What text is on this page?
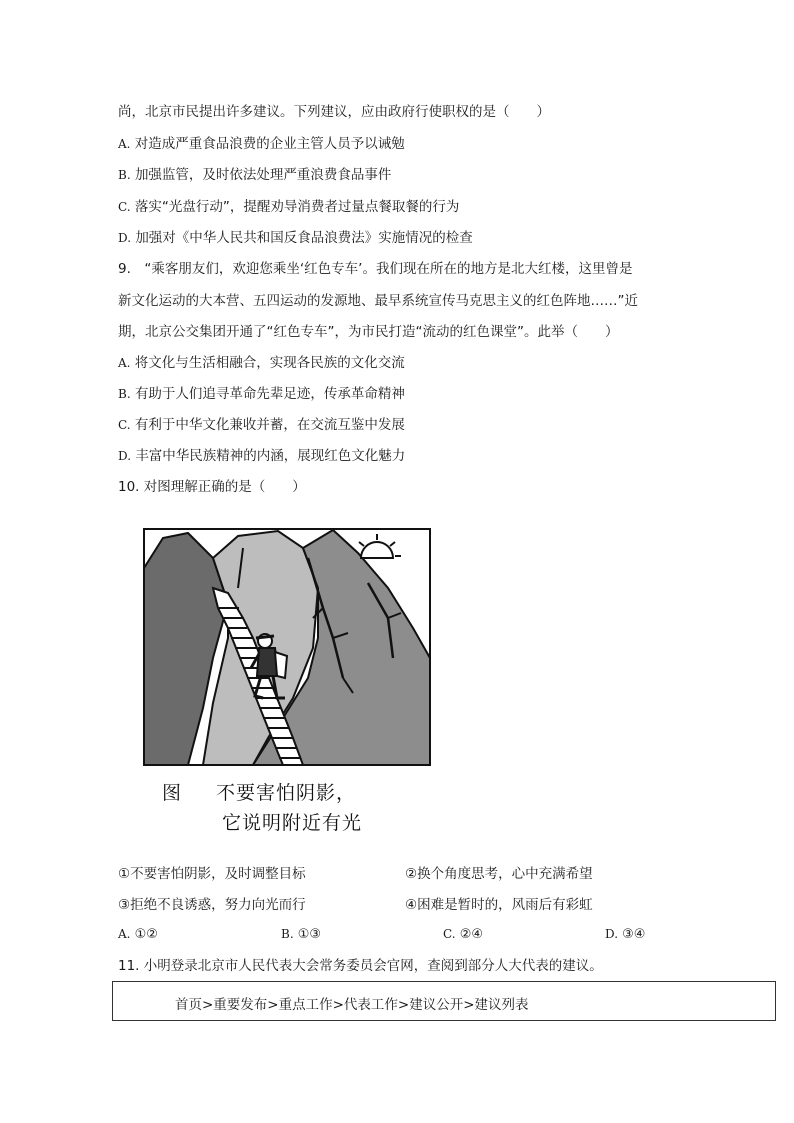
尚，北京市民提出许多建议。下列建议，应由政府行使职权的是（　　）
A. 对造成严重食品浪费的企业主管人员予以诫勉
B. 加强监管，及时依法处理严重浪费食品事件
C. 落实“光盘行动”，提醒劝导消费者过量点餐取餐的行为
D. 加强对《中华人民共和国反食品浪费法》实施情况的检查
9.　“乘客朋友们，欢迎您乘坐‘红色专车’。我们现在所在的地方是北大红楼，这里曾是
新文化运动的大本营、五四运动的发源地、最早系统宣传马克思主义的红色阵地……”近
期，北京公交集团开通了“红色专车”，为市民打造“流动的红色课堂”。此举（　　）
A. 将文化与生活相融合，实现各民族的文化交流
B. 有助于人们追寻革命先辈足迹，传承革命精神
C. 有利于中华文化兼收并蓄，在交流互鉴中发展
D. 丰富中华民族精神的内涵，展现红色文化魅力
10. 对图理解正确的是（　　）
图 不要害怕阴影，
它说明附近有光
①不要害怕阴影，及时调整目标	②换个角度思考，心中充满希望
③拒绝不良诱惑，努力向光而行	④困难是暂时的，风雨后有彩虹
A. ①②	B. ①③	C. ②④	D. ③④
11. 小明登录北京市人民代表大会常务委员会官网，查阅到部分人大代表的建议。
首页>重要发布>重点工作>代表工作>建议公开>建议列表
